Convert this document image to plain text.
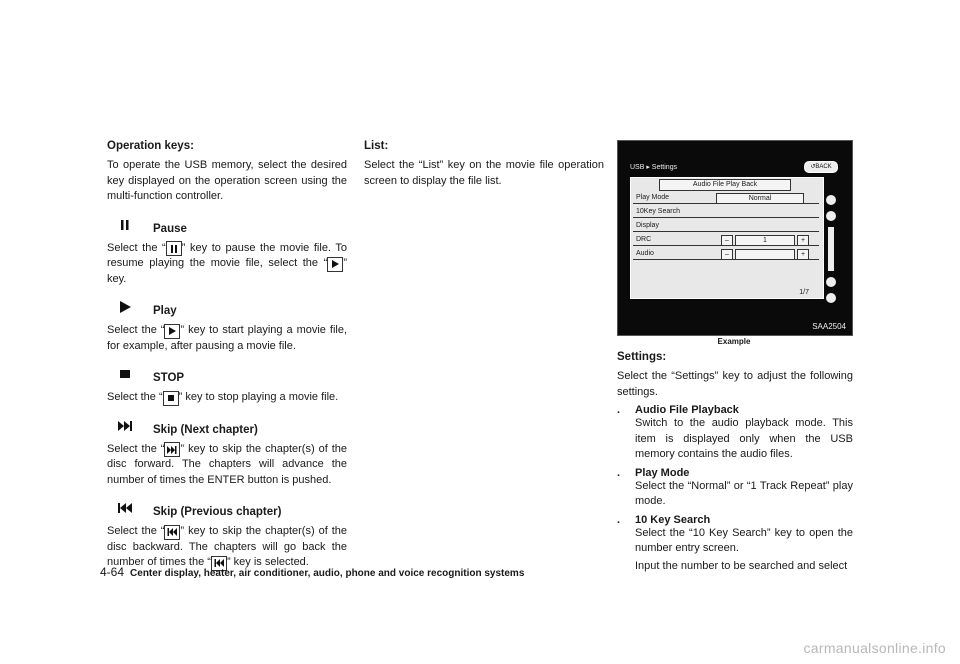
Operation keys:

To operate the USB memory, select the desired key displayed on the operation screen using the multi-function controller.

Pause

Select the “ ” key to pause the movie file. To resume playing the movie file, select the “ ” key.

Play

Select the “ ” key to start playing a movie file, for example, after pausing a movie file.

STOP

Select the “ ” key to stop playing a movie file.

Skip (Next chapter)

Select the “ ” key to skip the chapter(s) of the disc forward. The chapters will advance the number of times the ENTER button is pushed.

Skip (Previous chapter)

Select the “ ” key to skip the chapter(s) of the disc backward. The chapters will go back the number of times the “ ” key is selected.

List:

Select the “List” key on the movie file operation screen to display the file list.

USB ▸ Settings	↺BACK
Audio File Play Back
Play Mode	Normal
10Key Search
Display
DRC	–	1	+
Audio	–	+
1/7
SAA2504
Example
Settings:

Select the “Settings” key to adjust the following settings.

.	Audio File Playback

Switch to the audio playback mode. This item is displayed only when the USB memory contains the audio files.

.	Play Mode

Select the “Normal” or “1 Track Repeat” play mode.

.	10 Key Search

Select the “10 Key Search” key to open the number entry screen.

Input the number to be searched and select

4-64 Center display, heater, air conditioner, audio, phone and voice recognition systems
carmanualsonline.info
